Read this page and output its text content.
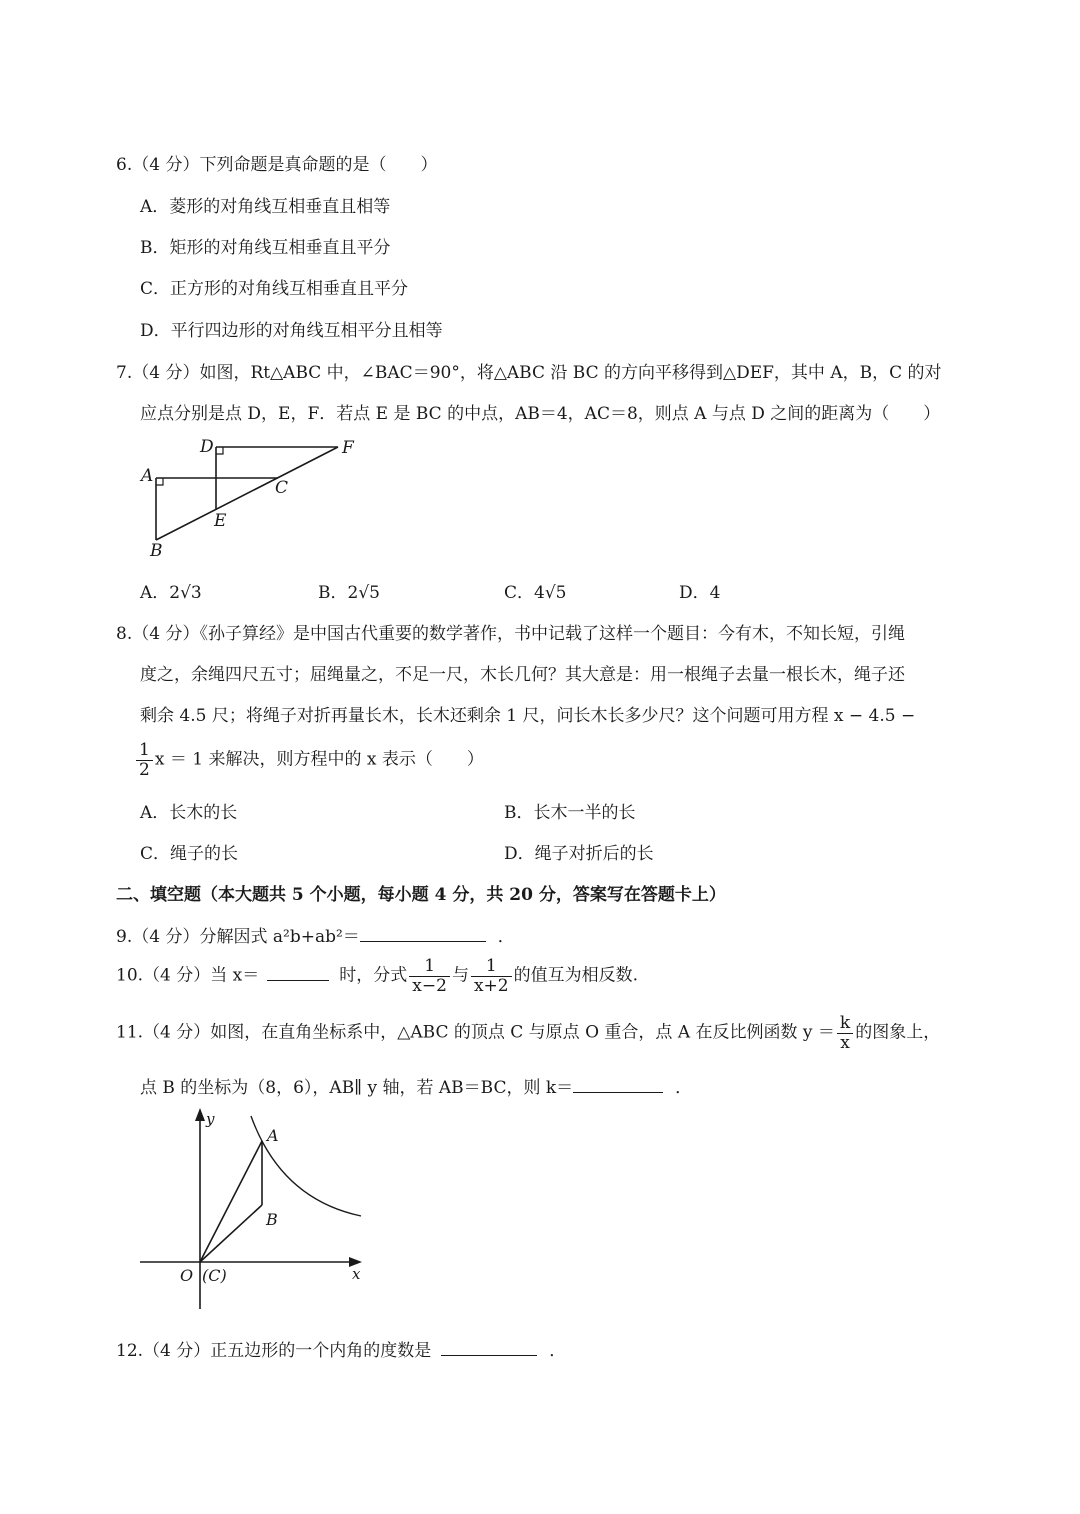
6.（4 分）下列命题是真命题的是（　　）
A．菱形的对角线互相垂直且相等
B．矩形的对角线互相垂直且平分
C．正方形的对角线互相垂直且平分
D．平行四边形的对角线互相平分且相等
7.（4 分）如图，Rt△ABC 中，∠BAC＝90°，将△ABC 沿 BC 的方向平移得到△DEF，其中 A，B，C 的对
应点分别是点 D，E，F．若点 E 是 BC 的中点，AB＝4，AC＝8，则点 A 与点 D 之间的距离为（　　）
A
B
C
D
E
F
A．2√3	B．2√5	C．4√5	D．4
8.（4 分）《孙子算经》是中国古代重要的数学著作，书中记载了这样一个题目：今有木，不知长短，引绳
度之，余绳四尺五寸；屈绳量之，不足一尺，木长几何？其大意是：用一根绳子去量一根长木，绳子还
剩余 4.5 尺；将绳子对折再量长木，长木还剩余 1 尺，问长木长多少尺？这个问题可用方程 x − 4.5 −
$\frac{1}{2}$ x ＝ 1 来解决，则方程中的 x 表示（　　）
A．长木的长	B．长木一半的长
C．绳子的长	D．绳子对折后的长
二、填空题（本大题共 5 个小题，每小题 4 分，共 20 分，答案写在答题卡上）
9.（4 分）分解因式 a²b+ab²＝	．
10.（4 分）当 x＝	时，分式 $\frac{1}{x-2}$ 与 $\frac{1}{x+2}$ 的值互为相反数.
11.（4 分）如图，在直角坐标系中，△ABC 的顶点 C 与原点 O 重合，点 A 在反比例函数 $y = \frac{k}{x}$ 的图象上，
点 B 的坐标为（8，6），AB∥ y 轴，若 AB＝BC，则 k＝	．
y
x
A
B
O (C)
12.（4 分）正五边形的一个内角的度数是	．
